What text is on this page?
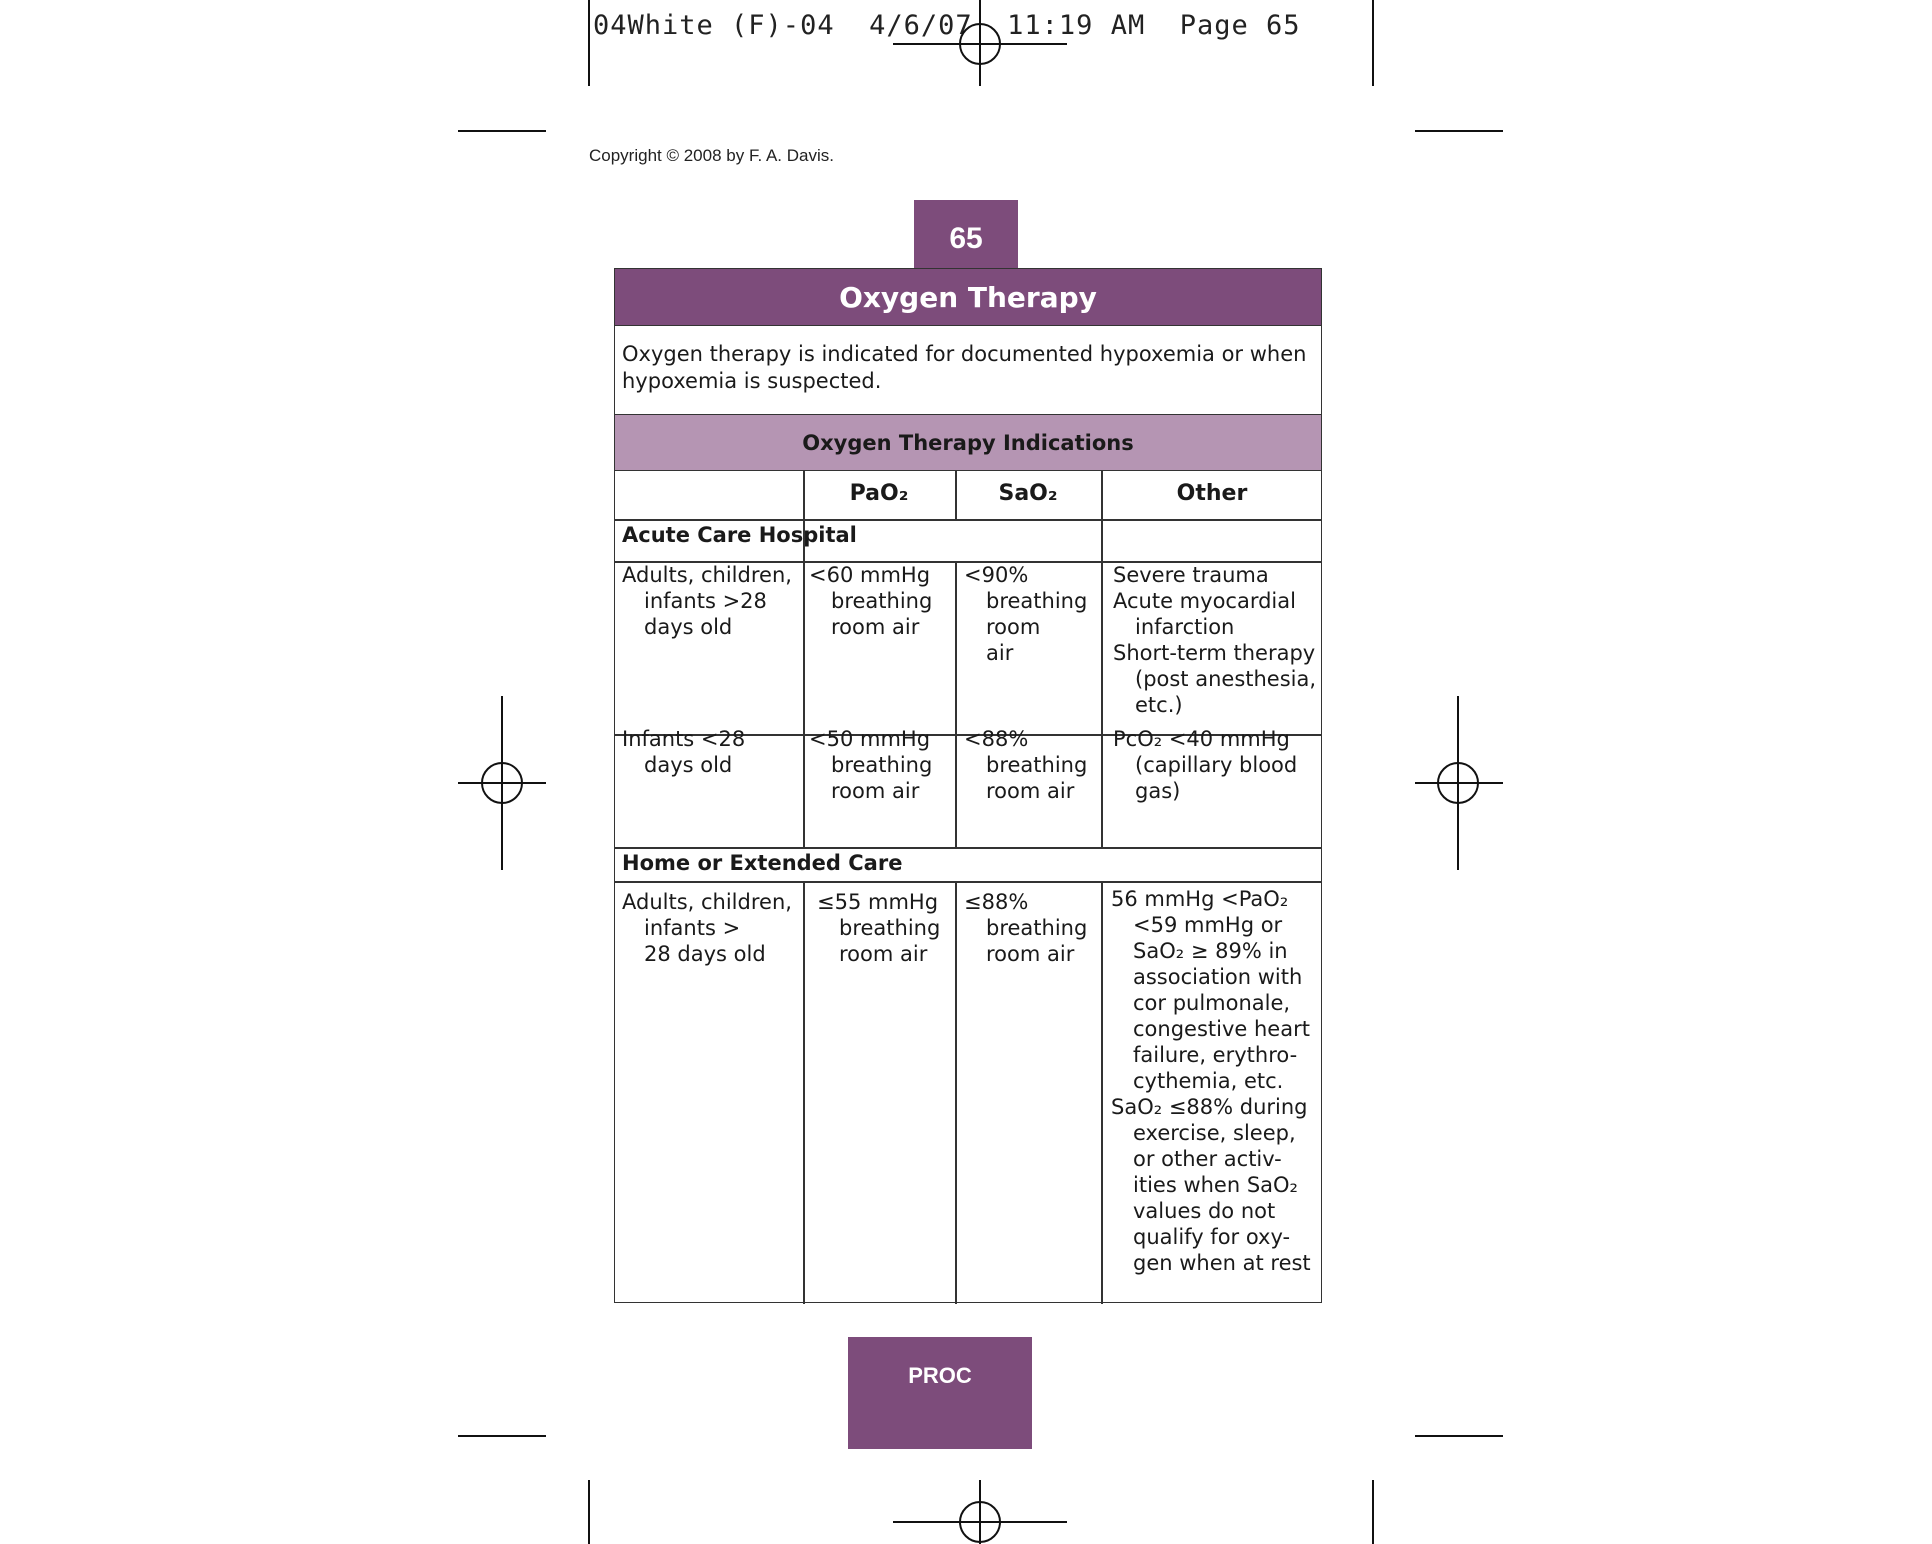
04White (F)-04 4/6/07 11:19 AM Page 65
Copyright © 2008 by F. A. Davis.
65
Oxygen Therapy
Oxygen therapy is indicated for documented hypoxemia or when hypoxemia is suspected.
Oxygen Therapy Indications
PaO₂	SaO₂	Other
Acute Care Hospital
Adults, children,
infants >28
days old
<60 mmHg
breathing
room air
<90%
breathing
room
air
Severe trauma
Acute myocardial
infarction
Short-term therapy
(post anesthesia,
etc.)
Infants <28
days old
<50 mmHg
breathing
room air
<88%
breathing
room air
PcO₂ <40 mmHg
(capillary blood
gas)
Home or Extended Care
Adults, children,
infants >
28 days old
≤55 mmHg
breathing
room air
≤88%
breathing
room air
56 mmHg <PaO₂
<59 mmHg or
SaO₂ ≥ 89% in
association with
cor pulmonale,
congestive heart
failure, erythro-
cythemia, etc.
SaO₂ ≤88% during
exercise, sleep,
or other activ-
ities when SaO₂
values do not
qualify for oxy-
gen when at rest
PROC
